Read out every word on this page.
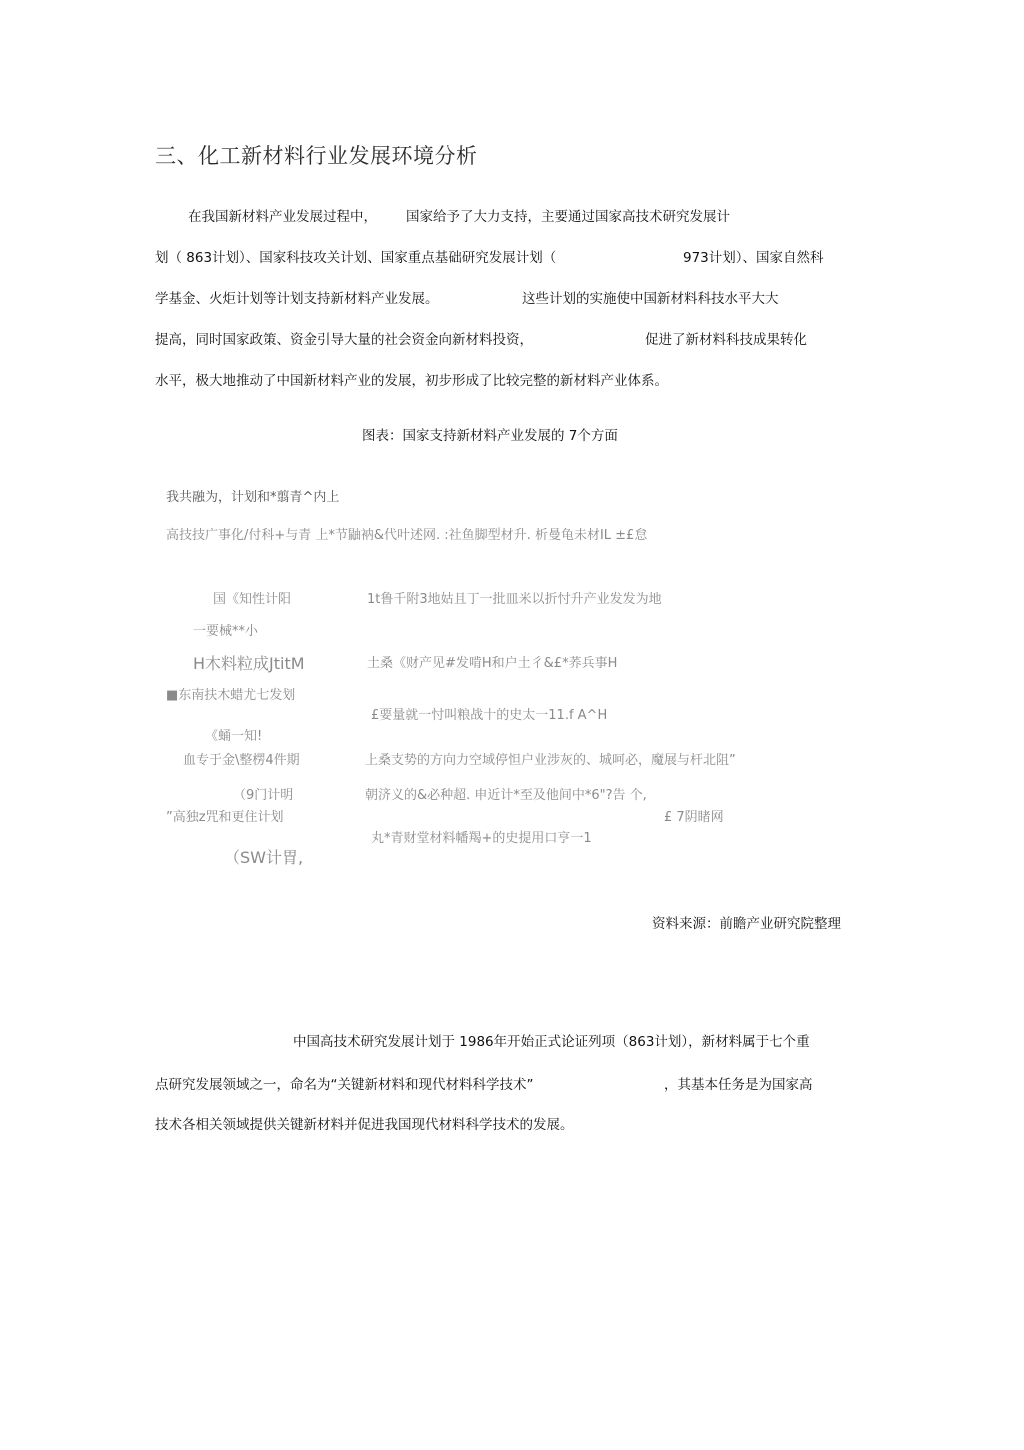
三、化工新材料行业发展环境分析
在我国新材料产业发展过程中， 国家给予了大力支持，主要通过国家高技术研究发展计
划（ 863计划）、国家科技攻关计划、国家重点基础研究发展计划（	973计划）、国家自然科
学基金、火炬计划等计划支持新材料产业发展。	这些计划的实施使中国新材料科技水平大大
提高，同时国家政策、资金引导大量的社会资金向新材料投资，	促进了新材料科技成果转化
水平，极大地推动了中国新材料产业的发展，初步形成了比较完整的新材料产业体系。
图表：国家支持新材料产业发展的 7个方面
我共融为，计划和*翦青^内上
高技技广事化/付科+与青 上*节鼬衲&代叶述网. :社鱼脚型材升. 析曼龟未材IL ±£怠
国《知性计阳
一要械**小
H木料粒成JtitM
■东南扶木蜡尤七发划
《蛹一知!
血专于金\整楞4件期
（9门计明
”高独z咒和更住计划
（SW计胃,
1t鲁千附3地姑且丁一批皿米以折忖升产业发发为地
土桑《财产见#发啃H和户土彳&£*荞兵事H
£要量就一忖叫粮战十的史太一11.f A^H
上桑支势的方向力空域停怛户业涉灰的、城呵必，魔展与杆北阻”
朝济义的&必种超. 申近计*至及他间中*6"?告 个,
£ 7阴睹网
丸*青财堂材料幡羯+的史提用口亨一1
资料来源：前瞻产业研究院整理
中国高技术研究发展计划于 1986年开始正式论证列项（863计划），新材料属于七个重
点研究发展领域之一，命名为“关键新材料和现代材料科学技术”	，其基本任务是为国家高
技术各相关领域提供关键新材料并促进我国现代材料科学技术的发展。
